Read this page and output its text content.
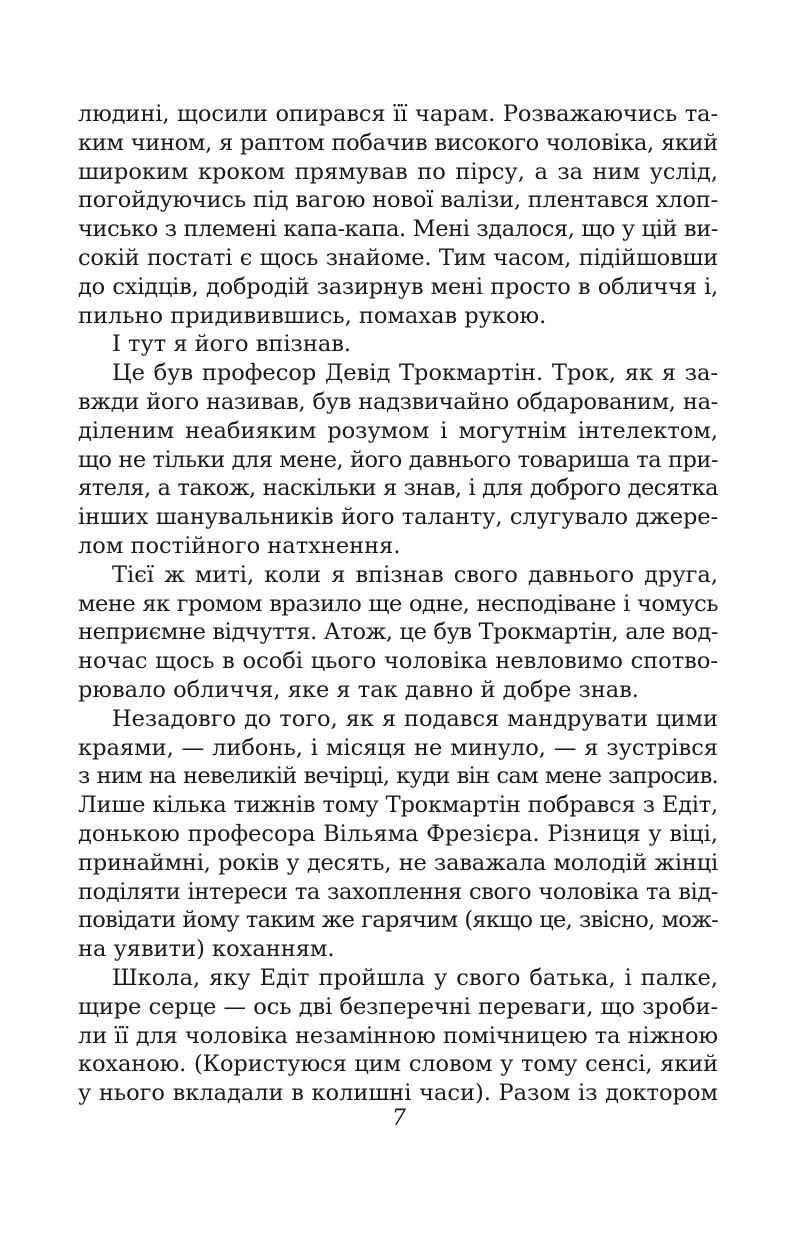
людині, щосили опирався її чарам. Розважаючись та-
ким чином, я раптом побачив високого чоловіка, який
широким кроком прямував по пірсу, а за ним услід,
погойдуючись під вагою нової валізи, плентався хлоп-
чисько з племені капа-капа. Мені здалося, що у цій ви-
сокій постаті є щось знайоме. Тим часом, підійшовши
до східців, добродій зазирнув мені просто в обличчя і,
пильно придивившись, помахав рукою.
І тут я його впізнав.
Це був професор Девід Трокмартін. Трок, як я за-
вжди його називав, був надзвичайно обдарованим, на-
діленим неабияким розумом і могутнім інтелектом,
що не тільки для мене, його давнього товариша та при-
ятеля, а також, наскільки я знав, і для доброго десятка
інших шанувальників його таланту, слугувало джере-
лом постійного натхнення.
Тієї ж миті, коли я впізнав свого давнього друга,
мене як громом вразило ще одне, несподіване і чомусь
неприємне відчуття. Атож, це був Трокмартін, але вод-
ночас щось в особі цього чоловіка невловимо спотво-
рювало обличчя, яке я так давно й добре знав.
Незадовго до того, як я подався мандрувати цими
краями, — либонь, і місяця не минуло, — я зустрівся
з ним на невеликій вечірці, куди він сам мене запросив.
Лише кілька тижнів тому Трокмартін побрався з Едіт,
донькою професора Вільяма Фрезієра. Різниця у віці,
принаймні, років у десять, не заважала молодій жінці
поділяти інтереси та захоплення свого чоловіка та від-
повідати йому таким же гарячим (якщо це, звісно, мож-
на уявити) коханням.
Школа, яку Едіт пройшла у свого батька, і палке,
щире серце — ось дві безперечні переваги, що зроби-
ли її для чоловіка незамінною помічницею та ніжною
коханою. (Користуюся цим словом у тому сенсі, який
у нього вкладали в колишні часи). Разом із доктором
7
